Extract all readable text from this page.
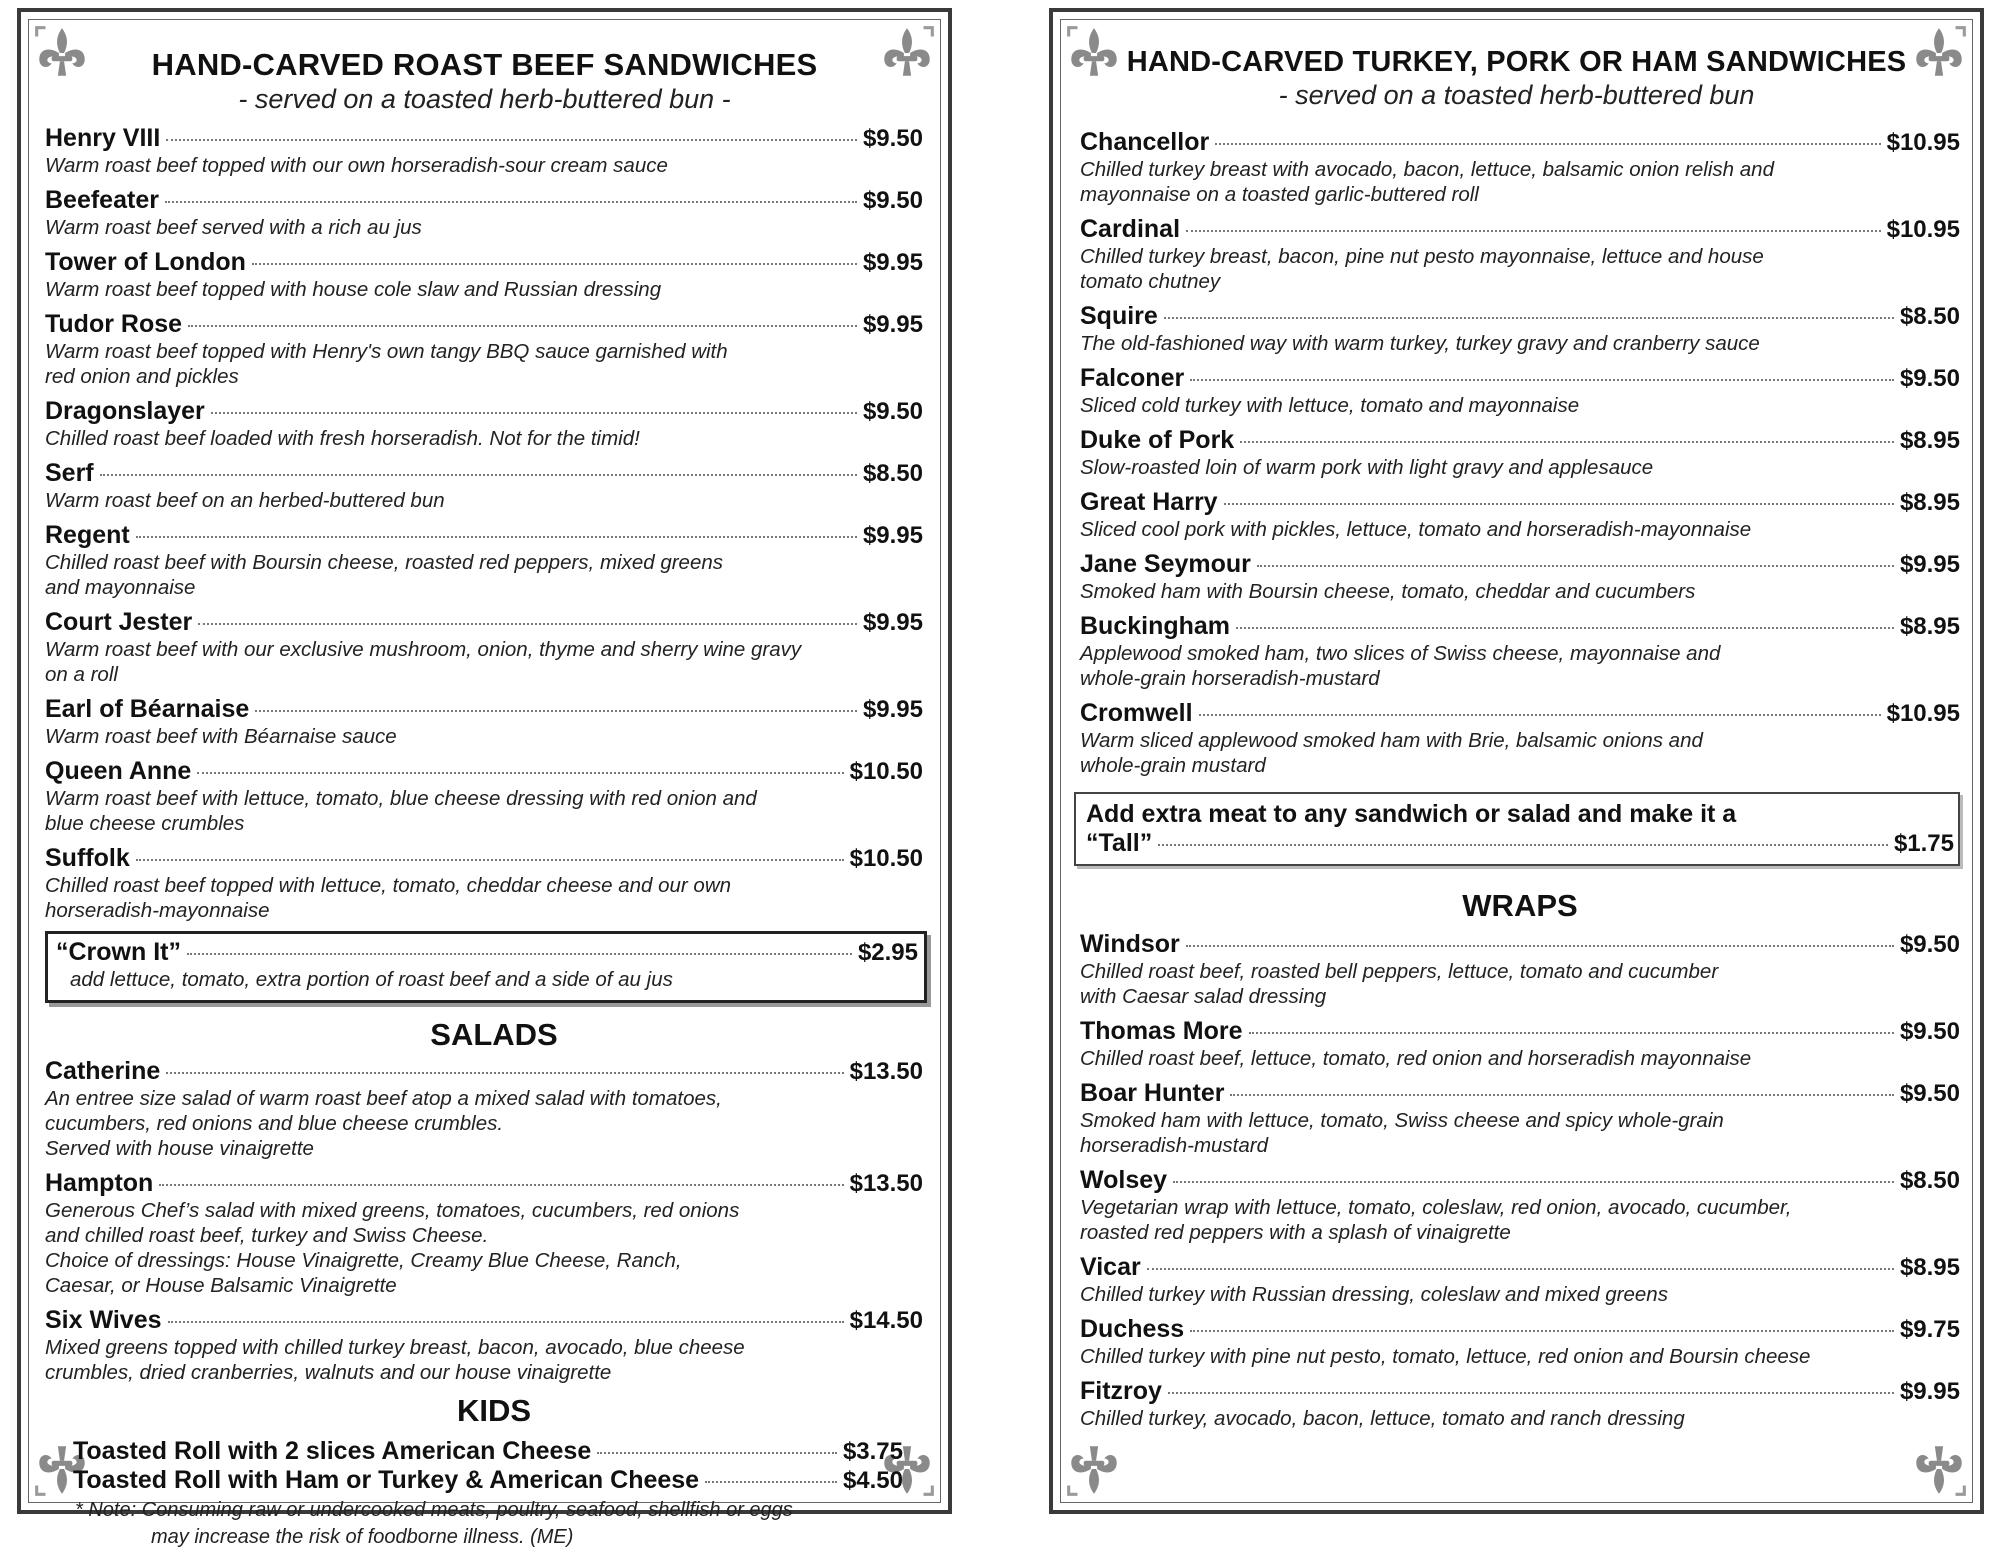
HAND-CARVED ROAST BEEF SANDWICHES
- served on a toasted herb-buttered bun -
Henry VIII	$9.50
Warm roast beef topped with our own horseradish-sour cream sauce
Beefeater	$9.50
Warm roast beef served with a rich au jus
Tower of London	$9.95
Warm roast beef topped with house cole slaw and Russian dressing
Tudor Rose	$9.95
Warm roast beef topped with Henry's own tangy BBQ sauce garnished with
red onion and pickles
Dragonslayer	$9.50
Chilled roast beef loaded with fresh horseradish. Not for the timid!
Serf	$8.50
Warm roast beef on an herbed-buttered bun
Regent	$9.95
Chilled roast beef with Boursin cheese, roasted red peppers, mixed greens
and mayonnaise
Court Jester	$9.95
Warm roast beef with our exclusive mushroom, onion, thyme and sherry wine gravy
on a roll
Earl of Béarnaise	$9.95
Warm roast beef with Béarnaise sauce
Queen Anne	$10.50
Warm roast beef with lettuce, tomato, blue cheese dressing with red onion and
blue cheese crumbles
Suffolk	$10.50
Chilled roast beef topped with lettuce, tomato, cheddar cheese and our own
horseradish-mayonnaise
“Crown It”	$2.95
add lettuce, tomato, extra portion of roast beef and a side of au jus
SALADS
Catherine	$13.50
An entree size salad of warm roast beef atop a mixed salad with tomatoes,
cucumbers, red onions and blue cheese crumbles.
Served with house vinaigrette
Hampton	$13.50
Generous Chef’s salad with mixed greens, tomatoes, cucumbers, red onions
and chilled roast beef, turkey and Swiss Cheese.
Choice of dressings: House Vinaigrette, Creamy Blue Cheese, Ranch,
Caesar, or House Balsamic Vinaigrette
Six Wives	$14.50
Mixed greens topped with chilled turkey breast, bacon, avocado, blue cheese
crumbles, dried cranberries, walnuts and our house vinaigrette
KIDS
Toasted Roll with 2 slices American Cheese	$3.75
Toasted Roll with Ham or Turkey & American Cheese	$4.50
* Note: Consuming raw or undercooked meats, poultry, seafood, shellfish or eggs
may increase the risk of foodborne illness. (ME)
HAND-CARVED TURKEY, PORK OR HAM SANDWICHES
- served on a toasted herb-buttered bun
Chancellor	$10.95
Chilled turkey breast with avocado, bacon, lettuce, balsamic onion relish and
mayonnaise on a toasted garlic-buttered roll
Cardinal	$10.95
Chilled turkey breast, bacon, pine nut pesto mayonnaise, lettuce and house
tomato chutney
Squire	$8.50
The old-fashioned way with warm turkey, turkey gravy and cranberry sauce
Falconer	$9.50
Sliced cold turkey with lettuce, tomato and mayonnaise
Duke of Pork	$8.95
Slow-roasted loin of warm pork with light gravy and applesauce
Great Harry	$8.95
Sliced cool pork with pickles, lettuce, tomato and horseradish-mayonnaise
Jane Seymour	$9.95
Smoked ham with Boursin cheese, tomato, cheddar and cucumbers
Buckingham	$8.95
Applewood smoked ham, two slices of Swiss cheese, mayonnaise and
whole-grain horseradish-mustard
Cromwell	$10.95
Warm sliced applewood smoked ham with Brie, balsamic onions and
whole-grain mustard
Add extra meat to any sandwich or salad and make it a
“Tall”	$1.75
WRAPS
Windsor	$9.50
Chilled roast beef, roasted bell peppers, lettuce, tomato and cucumber
with Caesar salad dressing
Thomas More	$9.50
Chilled roast beef, lettuce, tomato, red onion and horseradish mayonnaise
Boar Hunter	$9.50
Smoked ham with lettuce, tomato, Swiss cheese and spicy whole-grain
horseradish-mustard
Wolsey	$8.50
Vegetarian wrap with lettuce, tomato, coleslaw, red onion, avocado, cucumber,
roasted red peppers with a splash of vinaigrette
Vicar	$8.95
Chilled turkey with Russian dressing, coleslaw and mixed greens
Duchess	$9.75
Chilled turkey with pine nut pesto, tomato, lettuce, red onion and Boursin cheese
Fitzroy	$9.95
Chilled turkey, avocado, bacon, lettuce, tomato and ranch dressing
